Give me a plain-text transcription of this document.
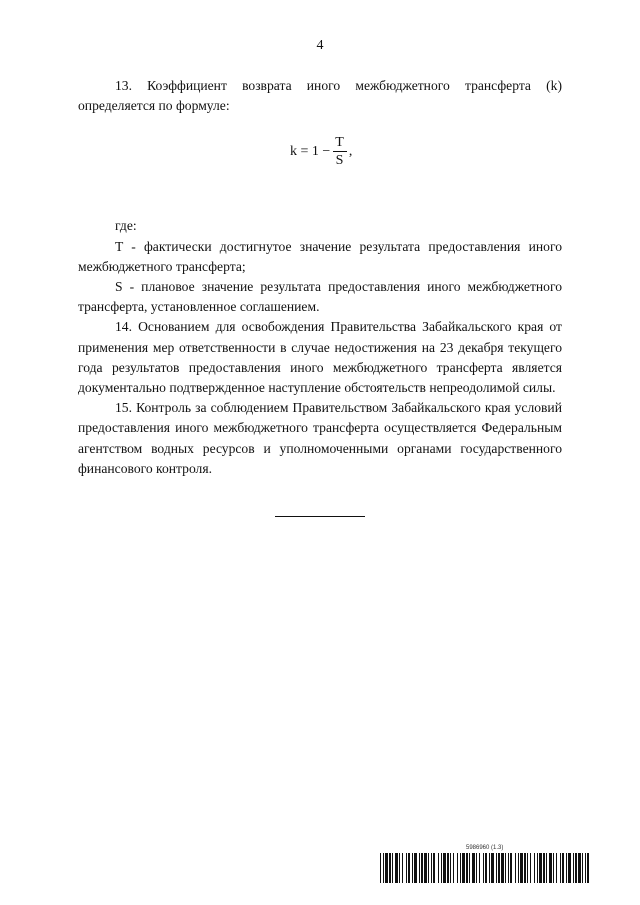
4

13. Коэффициент возврата иного межбюджетного трансферта (k) определяется по формуле:

$k = 1 - \frac{T}{S}$ ,

где:

T - фактически достигнутое значение результата предоставления иного межбюджетного трансферта;

S - плановое значение результата предоставления иного межбюджетного трансферта, установленное соглашением.

14. Основанием для освобождения Правительства Забайкальского края от применения мер ответственности в случае недостижения на 23 декабря текущего года результатов предоставления иного межбюджетного трансферта является документально подтвержденное наступление обстоятельств непреодолимой силы.

15. Контроль за соблюдением Правительством Забайкальского края условий предоставления иного межбюджетного трансферта осуществляется Федеральным агентством водных ресурсов и уполномоченными органами государственного финансового контроля.

5986960 (1.3)
